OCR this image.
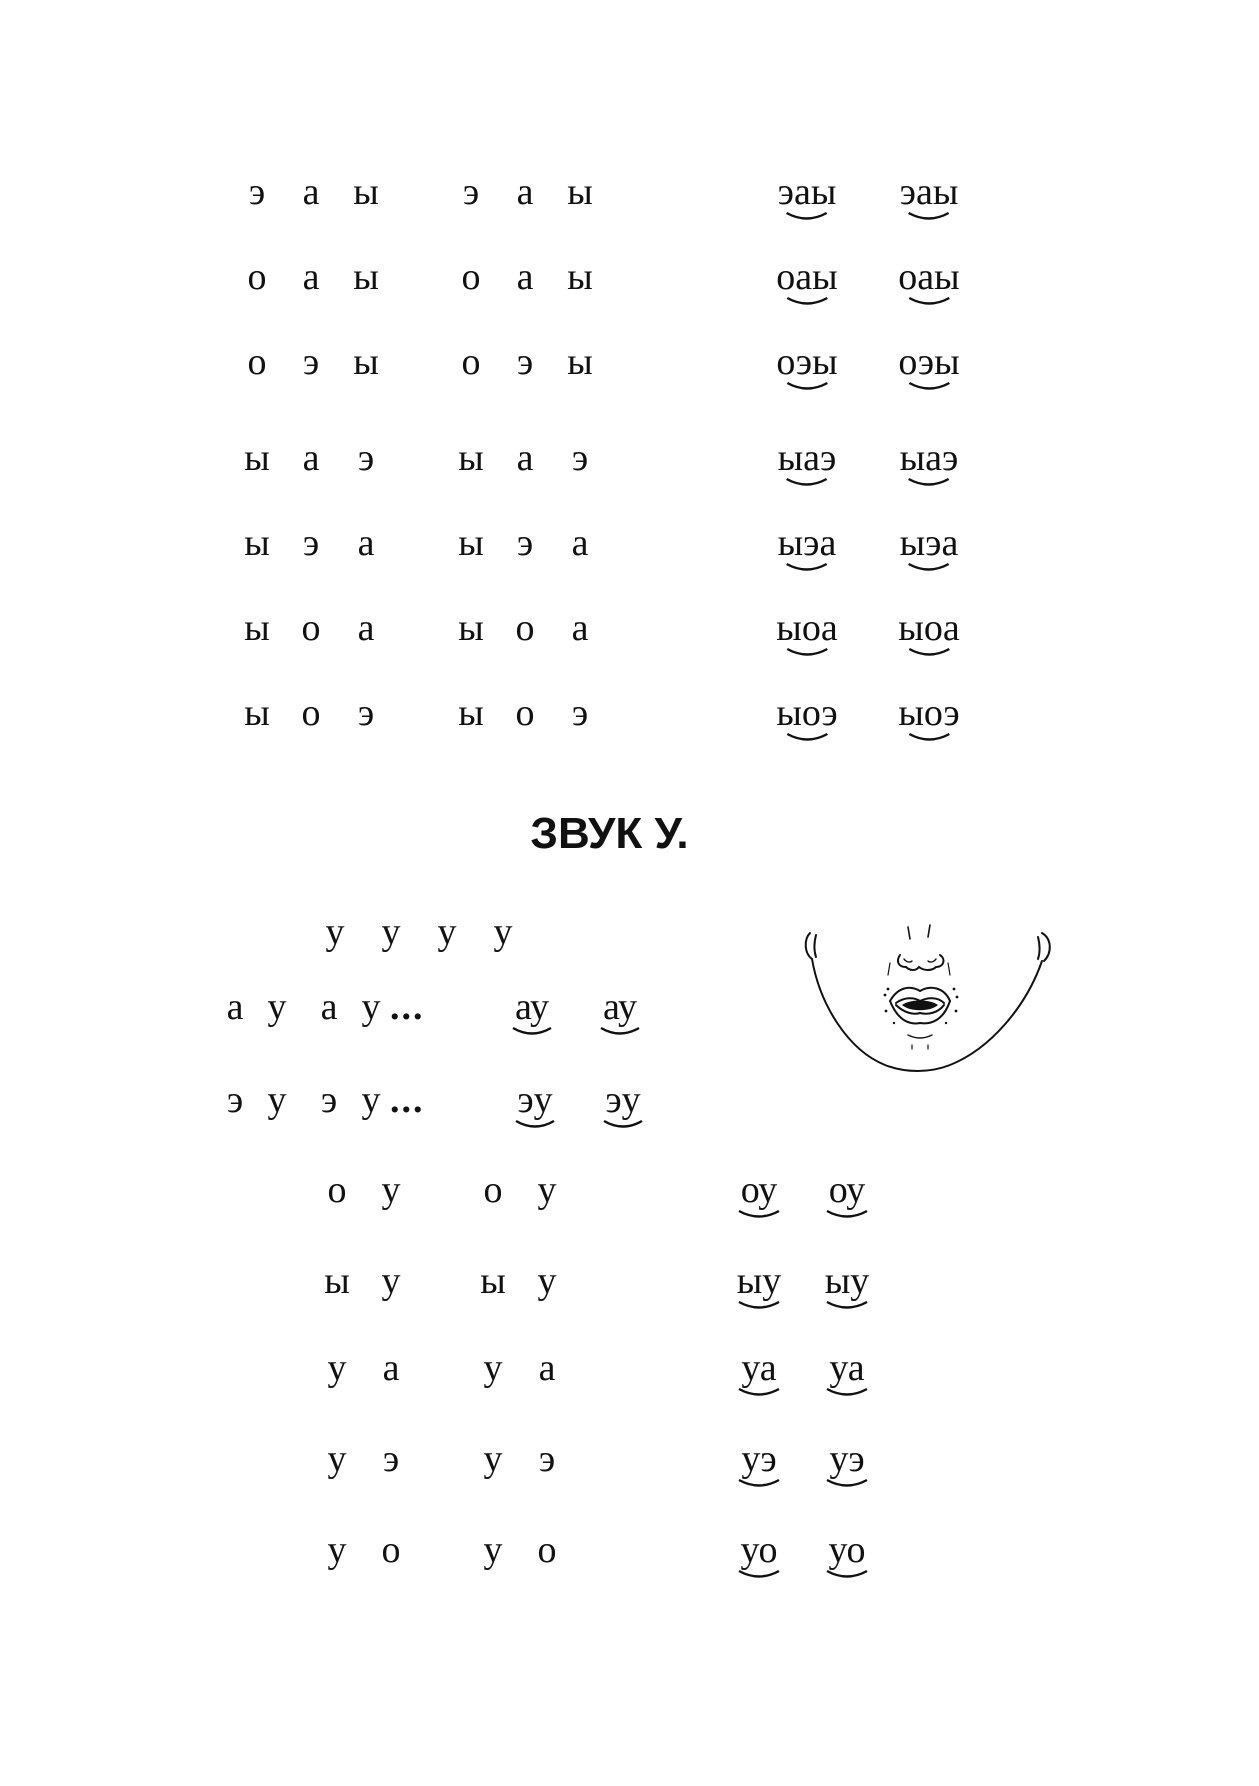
э а ы э а ы	эаы эаы
о а ы о а ы	оаы оаы
о э ы о э ы	оэы оэы
ы а э ы а э	ыаэ ыаэ
ы э а ы э а	ыэа ыэа
ы о а ы о а	ыоа ыоа
ы о э ы о э	ыоэ ыоэ
ЗВУК У.
у у у у
а у а у ... ау ау
э у э у ... эу эу
о у о у	оу оу
ы у ы у	ыу ыу
у а у а	уа уа
у э у э	уэ уэ
у о у о	уо уо
